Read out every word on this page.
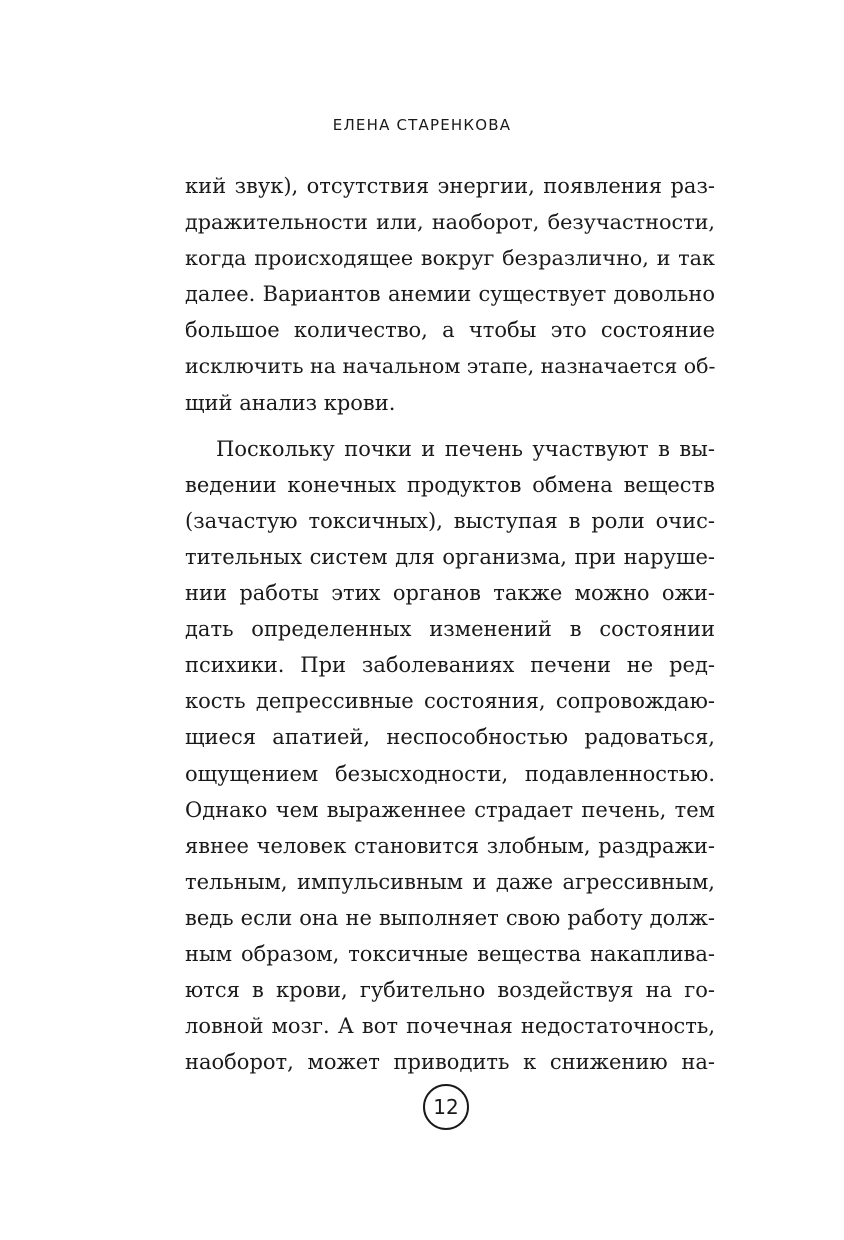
ЕЛЕНА СТАРЕНКОВА
кий звук), отсутствия энергии, появления раз-
дражительности или, наоборот, безучастности,
когда происходящее вокруг безразлично, и так
далее. Вариантов анемии существует довольно
большое количество, а чтобы это состояние
исключить на начальном этапе, назначается об-
щий анализ крови.
Поскольку почки и печень участвуют в вы-
ведении конечных продуктов обмена веществ
(зачастую токсичных), выступая в роли очис-
тительных систем для организма, при наруше-
нии работы этих органов также можно ожи-
дать определенных изменений в состоянии
психики. При заболеваниях печени не ред-
кость депрессивные состояния, сопровождаю-
щиеся апатией, неспособностью радоваться,
ощущением безысходности, подавленностью.
Однако чем выраженнее страдает печень, тем
явнее человек становится злобным, раздражи-
тельным, импульсивным и даже агрессивным,
ведь если она не выполняет свою работу долж-
ным образом, токсичные вещества накаплива-
ются в крови, губительно воздействуя на го-
ловной мозг. А вот почечная недостаточность,
наоборот, может приводить к снижению на-
12
